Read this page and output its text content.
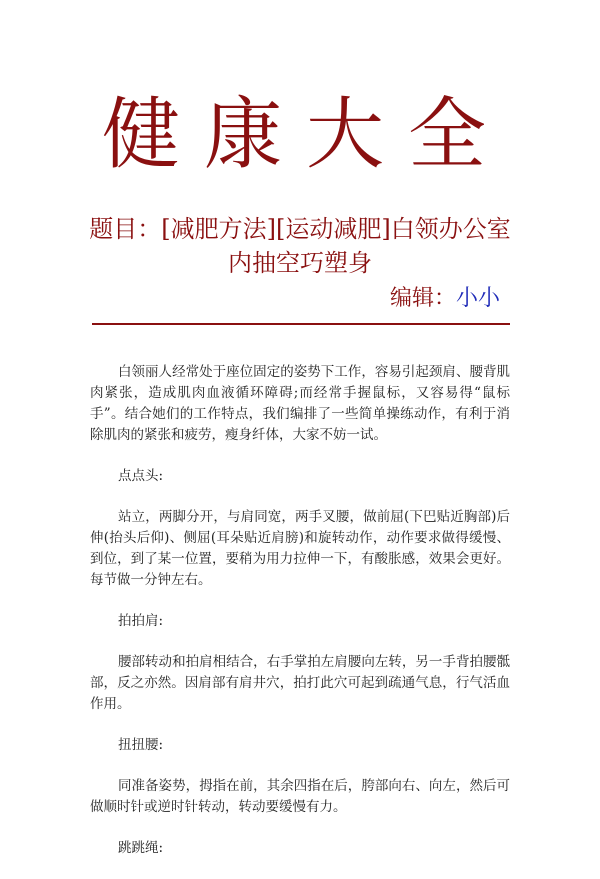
健康大全
题目：[减肥方法][运动减肥]白领办公室
内抽空巧塑身
编辑：小小

白领丽人经常处于座位固定的姿势下工作，容易引起颈肩、腰背肌肉紧张，造成肌肉血液循环障碍;而经常手握鼠标，又容易得“鼠标手”。结合她们的工作特点，我们编排了一些简单操练动作，有利于消除肌肉的紧张和疲劳，瘦身纤体，大家不妨一试。

点点头:

站立，两脚分开，与肩同宽，两手叉腰，做前屈(下巴贴近胸部)后伸(抬头后仰)、侧屈(耳朵贴近肩膀)和旋转动作，动作要求做得缓慢、到位，到了某一位置，要稍为用力拉伸一下，有酸胀感，效果会更好。每节做一分钟左右。

拍拍肩:

腰部转动和拍肩相结合，右手掌拍左肩腰向左转，另一手背拍腰骶部，反之亦然。因肩部有肩井穴，拍打此穴可起到疏通气息，行气活血作用。

扭扭腰:

同准备姿势，拇指在前，其余四指在后，胯部向右、向左，然后可做顺时针或逆时针转动，转动要缓慢有力。

跳跳绳:
